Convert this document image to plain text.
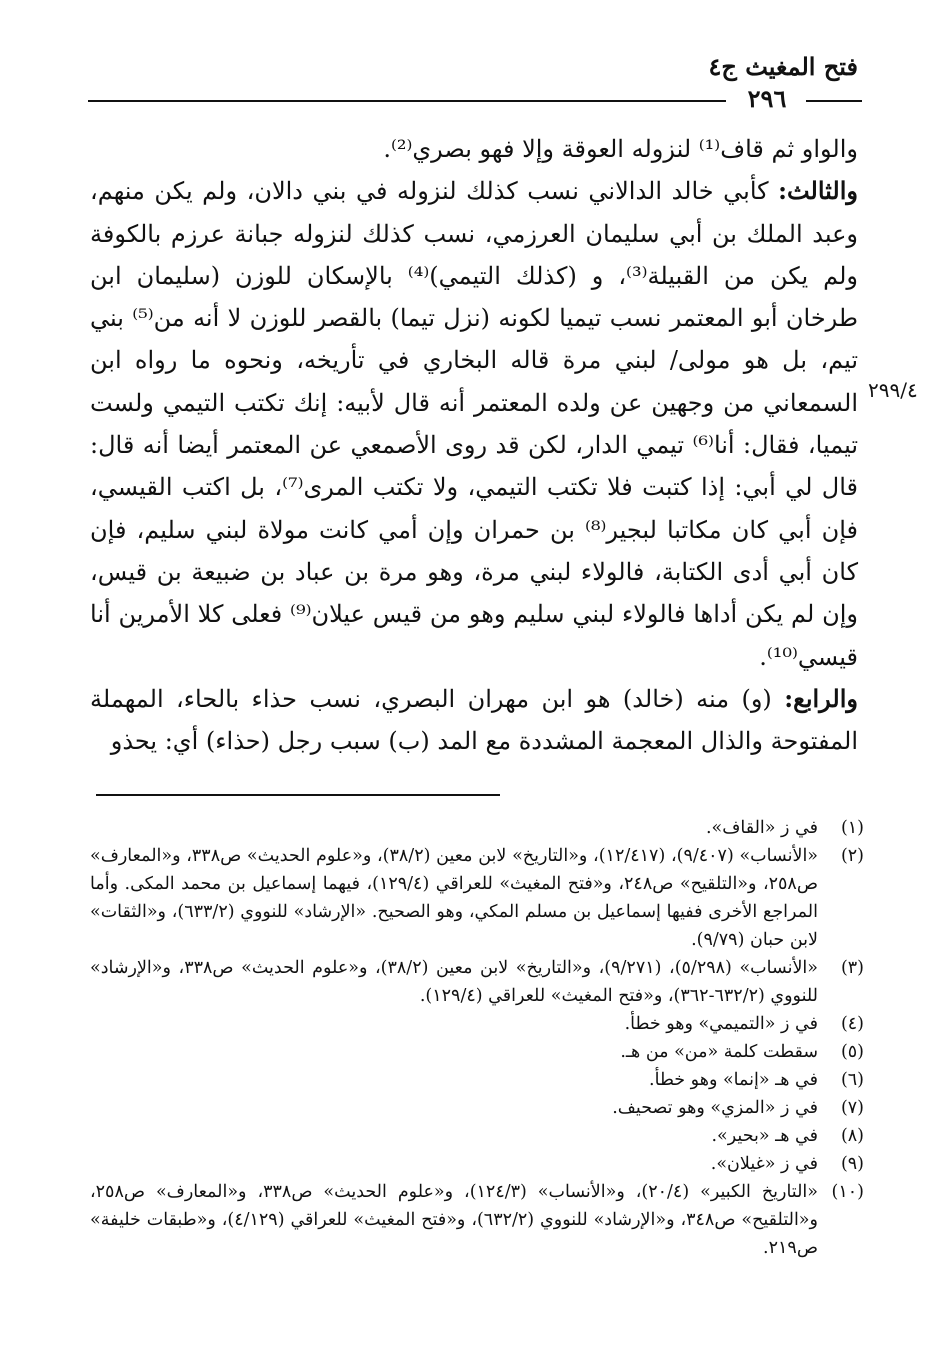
فتح المغيث ج٤
٢٩٦
٢٩٩/٤

والواو ثم قاف⁽¹⁾ لنزوله العوقة وإلا فهو بصري⁽²⁾.

والثالث: كأبي خالد الدالاني نسب كذلك لنزوله في بني دالان، ولم يكن منهم، وعبد الملك بن أبي سليمان العرزمي، نسب كذلك لنزوله جبانة عرزم بالكوفة ولم يكن من القبيلة⁽³⁾، و (كذلك التيمي)⁽⁴⁾ بالإسكان للوزن (سليمان ابن طرخان أبو المعتمر نسب تيميا لكونه (نزل تيما) بالقصر للوزن لا أنه من⁽⁵⁾ بني تيم، بل هو مولى/ لبني مرة قاله البخاري في تأريخه، ونحوه ما رواه ابن السمعاني من وجهين عن ولده المعتمر أنه قال لأبيه: إنك تكتب التيمي ولست تيميا، فقال: أنا⁽⁶⁾ تيمي الدار، لكن قد روى الأصمعي عن المعتمر أيضا أنه قال: قال لي أبي: إذا كتبت فلا تكتب التيمي، ولا تكتب المرى⁽⁷⁾، بل اكتب القيسي، فإن أبي كان مكاتبا لبجير⁽⁸⁾ بن حمران وإن أمي كانت مولاة لبني سليم، فإن كان أبي أدى الكتابة، فالولاء لبني مرة، وهو مرة بن عباد بن ضبيعة بن قيس، وإن لم يكن أداها فالولاء لبني سليم وهو من قيس عيلان⁽⁹⁾ فعلى كلا الأمرين أنا قيسي⁽¹⁰⁾.

والرابع: (و) منه (خالد) هو ابن مهران البصري، نسب حذاء بالحاء، المهملة المفتوحة والذال المعجمة المشددة مع المد (ب) سبب رجل (حذاء) أي: يحذو

(١)
في ز «القاف».
(٢)
«الأنساب» (٩/٤٠٧)، (١٢/٤١٧)، و«التاريخ» لابن معين (٣٨/٢)، و«علوم الحديث» ص٣٣٨، و«المعارف» ص٢٥٨، و«التلقيح» ص٢٤٨، و«فتح المغيث» للعراقي (١٢٩/٤)، فيهما إسماعيل بن محمد المكى. وأما المراجع الأخرى ففيها إسماعيل بن مسلم المكي، وهو الصحيح. «الإرشاد» للنووي (٦٣٣/٢)، و«الثقات» لابن حبان (٩/٧٩).
(٣)
«الأنساب» (٥/٢٩٨)، (٩/٢٧١)، و«التاريخ» لابن معين (٣٨/٢)، و«علوم الحديث» ص٣٣٨، و«الإرشاد» للنووي (٦٣٢/٢-٣٦٢)، و«فتح المغيث» للعراقي (١٢٩/٤).
(٤)
في ز «التميمي» وهو خطأ.
(٥)
سقطت كلمة «من» من هـ.
(٦)
في هـ «إنما» وهو خطأ.
(٧)
في ز «المزي» وهو تصحيف.
(٨)
في هـ «بحير».
(٩)
في ز «غيلان».
(١٠)
«التاريخ الكبير» (٢٠/٤)، و«الأنساب» (١٢٤/٣)، و«علوم الحديث» ص٣٣٨، و«المعارف» ص٢٥٨، و«التلقيح» ص٣٤٨، و«الإرشاد» للنووي (٦٣٢/٢)، و«فتح المغيث» للعراقي (٤/١٢٩)، و«طبقات خليفة» ص٢١٩.
